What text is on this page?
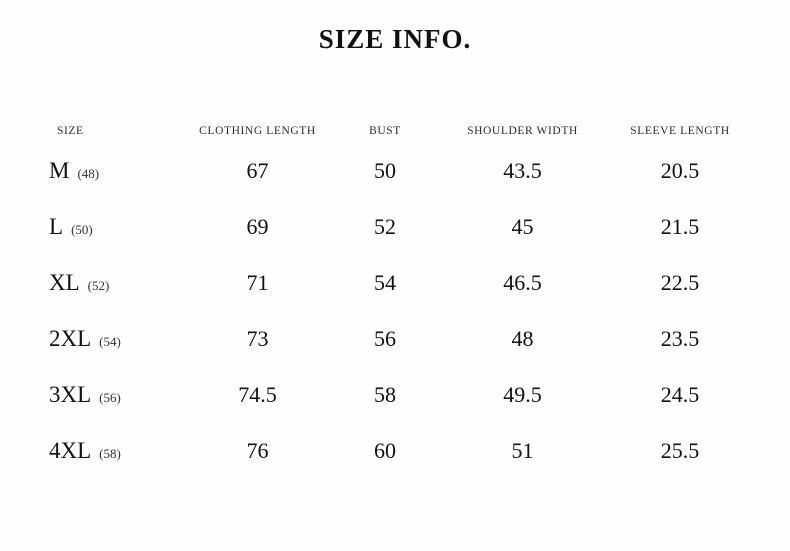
SIZE INFO.
SIZE	CLOTHING LENGTH	BUST	SHOULDER WIDTH	SLEEVE LENGTH
M (48)	67	50	43.5	20.5
L (50)	69	52	45	21.5
XL (52)	71	54	46.5	22.5
2XL (54)	73	56	48	23.5
3XL (56)	74.5	58	49.5	24.5
4XL (58)	76	60	51	25.5
